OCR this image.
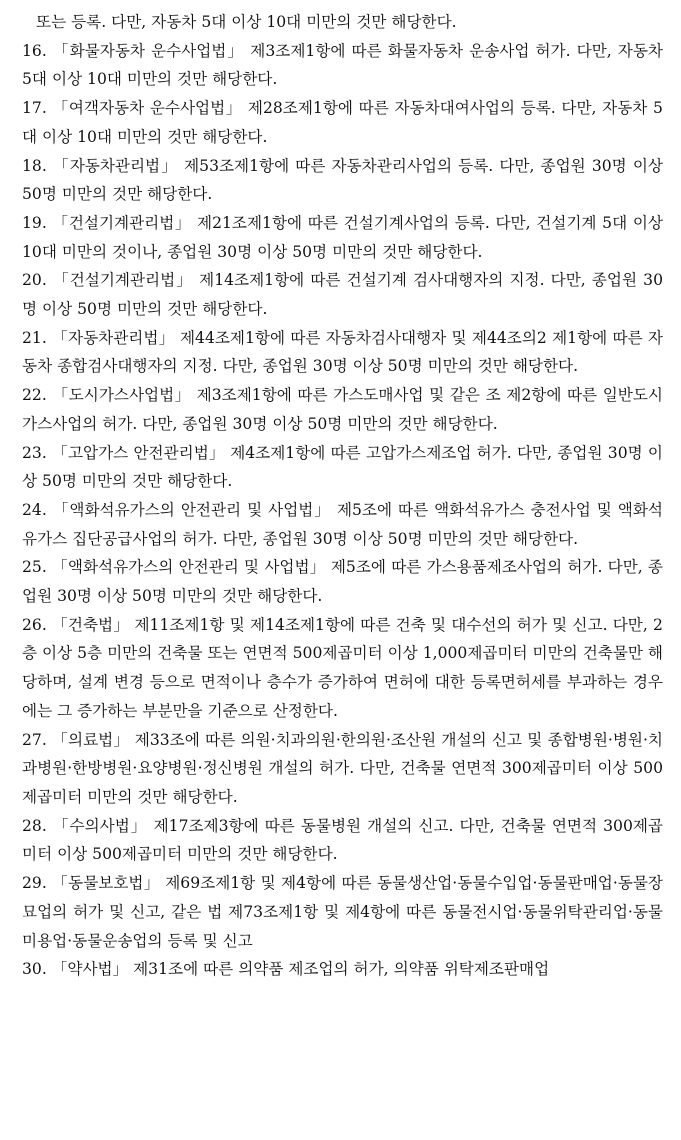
또는 등록. 다만, 자동차 5대 이상 10대 미만의 것만 해당한다.
16. 「화물자동차 운수사업법」 제3조제1항에 따른 화물자동차 운송사업 허가. 다만, 자동차 5대 이상 10대 미만의 것만 해당한다.
17. 「여객자동차 운수사업법」 제28조제1항에 따른 자동차대여사업의 등록. 다만, 자동차 5대 이상 10대 미만의 것만 해당한다.
18. 「자동차관리법」 제53조제1항에 따른 자동차관리사업의 등록. 다만, 종업원 30명 이상 50명 미만의 것만 해당한다.
19. 「건설기계관리법」 제21조제1항에 따른 건설기계사업의 등록. 다만, 건설기계 5대 이상 10대 미만의 것이나, 종업원 30명 이상 50명 미만의 것만 해당한다.
20. 「건설기계관리법」 제14조제1항에 따른 건설기계 검사대행자의 지정. 다만, 종업원 30명 이상 50명 미만의 것만 해당한다.
21. 「자동차관리법」 제44조제1항에 따른 자동차검사대행자 및 제44조의2 제1항에 따른 자동차 종합검사대행자의 지정. 다만, 종업원 30명 이상 50명 미만의 것만 해당한다.
22. 「도시가스사업법」 제3조제1항에 따른 가스도매사업 및 같은 조 제2항에 따른 일반도시가스사업의 허가. 다만, 종업원 30명 이상 50명 미만의 것만 해당한다.
23. 「고압가스 안전관리법」 제4조제1항에 따른 고압가스제조업 허가. 다만, 종업원 30명 이상 50명 미만의 것만 해당한다.
24. 「액화석유가스의 안전관리 및 사업법」 제5조에 따른 액화석유가스 충전사업 및 액화석유가스 집단공급사업의 허가. 다만, 종업원 30명 이상 50명 미만의 것만 해당한다.
25. 「액화석유가스의 안전관리 및 사업법」 제5조에 따른 가스용품제조사업의 허가. 다만, 종업원 30명 이상 50명 미만의 것만 해당한다.
26. 「건축법」 제11조제1항 및 제14조제1항에 따른 건축 및 대수선의 허가 및 신고. 다만, 2층 이상 5층 미만의 건축물 또는 연면적 500제곱미터 이상 1,000제곱미터 미만의 건축물만 해당하며, 설계 변경 등으로 면적이나 층수가 증가하여 면허에 대한 등록면허세를 부과하는 경우에는 그 증가하는 부분만을 기준으로 산정한다.
27. 「의료법」 제33조에 따른 의원·치과의원·한의원·조산원 개설의 신고 및 종합병원·병원·치과병원·한방병원·요양병원·정신병원 개설의 허가. 다만, 건축물 연면적 300제곱미터 이상 500제곱미터 미만의 것만 해당한다.
28. 「수의사법」 제17조제3항에 따른 동물병원 개설의 신고. 다만, 건축물 연면적 300제곱미터 이상 500제곱미터 미만의 것만 해당한다.
29. 「동물보호법」 제69조제1항 및 제4항에 따른 동물생산업·동물수입업·동물판매업·동물장묘업의 허가 및 신고, 같은 법 제73조제1항 및 제4항에 따른 동물전시업·동물위탁관리업·동물미용업·동물운송업의 등록 및 신고
30. 「약사법」 제31조에 따른 의약품 제조업의 허가, 의약품 위탁제조판매업
